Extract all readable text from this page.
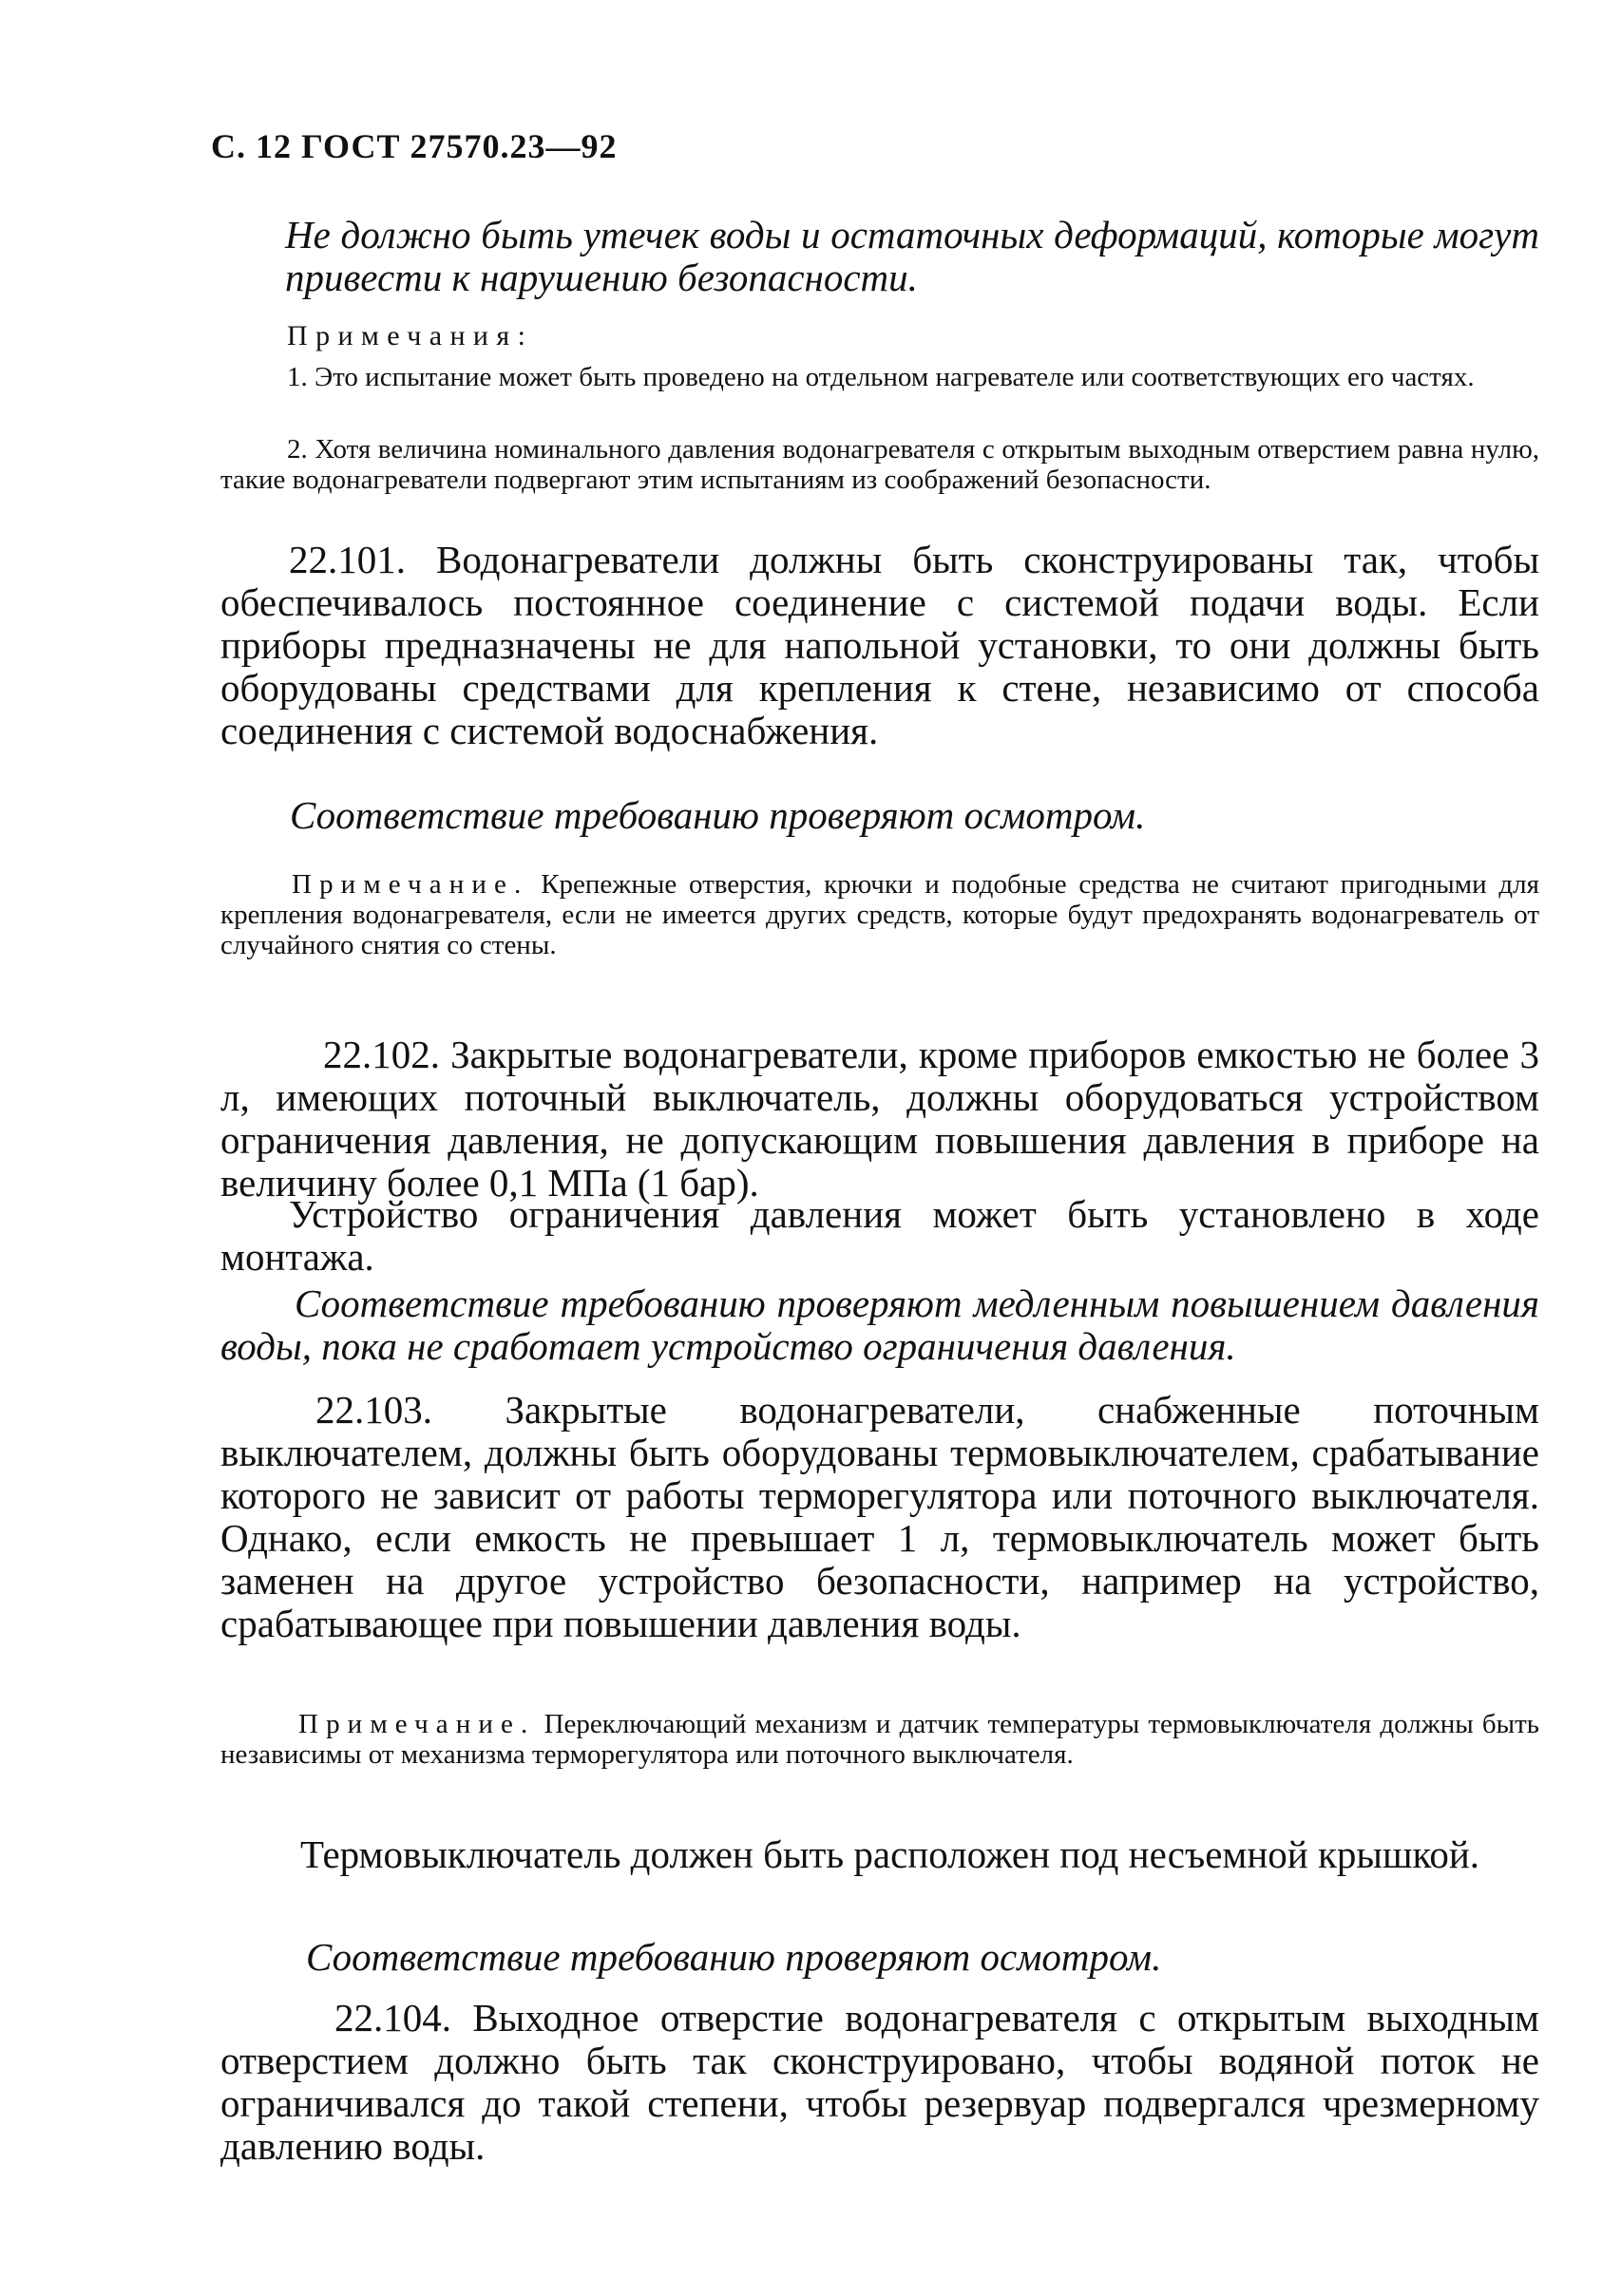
С. 12 ГОСТ 27570.23—92

Не должно быть утечек воды и остаточных деформаций, которые могут привести к нарушению безопасности.

Примечания:

1. Это испытание может быть проведено на отдельном нагревателе или соответствующих его частях.

2. Хотя величина номинального давления водонагревателя с открытым выходным отверстием равна нулю, такие водонагреватели подвергают этим испытаниям из соображений безопасности.

22.101. Водонагреватели должны быть сконструированы так, чтобы обеспечивалось постоянное соединение с системой подачи воды. Если приборы предназначены не для напольной установки, то они должны быть оборудованы средствами для крепления к стене, независимо от способа соединения с системой водоснабжения.

Соответствие требованию проверяют осмотром.

Примечание. Крепежные отверстия, крючки и подобные средства не считают пригодными для крепления водонагревателя, если не имеется других средств, которые будут предохранять водонагреватель от случайного снятия со стены.

22.102. Закрытые водонагреватели, кроме приборов емкостью не более 3 л, имеющих поточный выключатель, должны оборудоваться устройством ограничения давления, не допускающим повышения давления в приборе на величину более 0,1 МПа (1 бар).

Устройство ограничения давления может быть установлено в ходе монтажа.

Соответствие требованию проверяют медленным повышением давления воды, пока не сработает устройство ограничения давления.

22.103. Закрытые водонагреватели, снабженные поточным выключателем, должны быть оборудованы термовыключателем, срабатывание которого не зависит от работы терморегулятора или поточного выключателя. Однако, если емкость не превышает 1 л, термовыключатель может быть заменен на другое устройство безопасности, например на устройство, срабатывающее при повышении давления воды.

Примечание. Переключающий механизм и датчик температуры термовыключателя должны быть независимы от механизма терморегулятора или поточного выключателя.

Термовыключатель должен быть расположен под несъемной крышкой.

Соответствие требованию проверяют осмотром.

22.104. Выходное отверстие водонагревателя с открытым выходным отверстием должно быть так сконструировано, чтобы водяной поток не ограничивался до такой степени, чтобы резервуар подвергался чрезмерному давлению воды.
